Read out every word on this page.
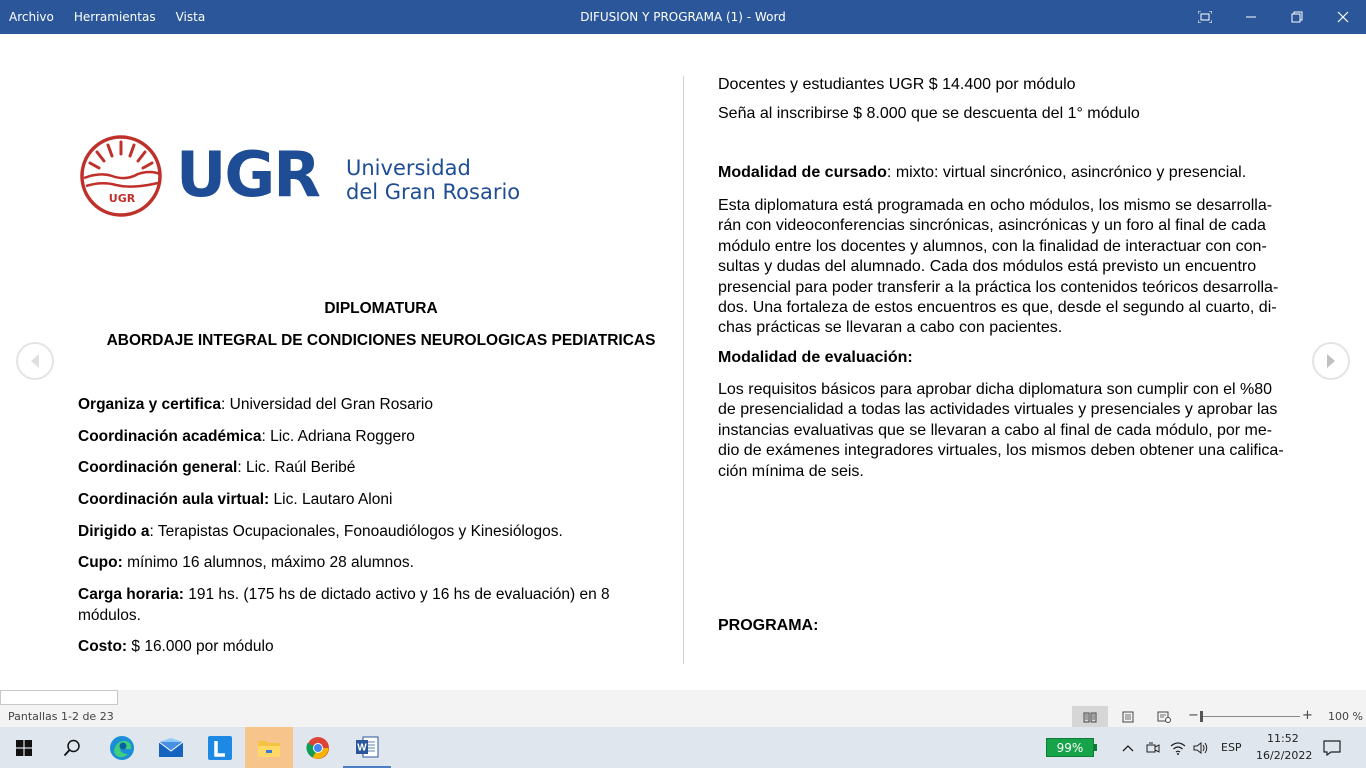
Archivo Herramientas Vista	DIFUSION Y PROGRAMA (1) - Word
UGR UGR Universidad
del Gran Rosario
DIPLOMATURA
ABORDAJE INTEGRAL DE CONDICIONES NEUROLOGICAS PEDIATRICAS
Organiza y certifica: Universidad del Gran Rosario
Coordinación académica: Lic. Adriana Roggero
Coordinación general: Lic. Raúl Beribé
Coordinación aula virtual: Lic. Lautaro Aloni
Dirigido a: Terapistas Ocupacionales, Fonoaudiólogos y Kinesiólogos.
Cupo: mínimo 16 alumnos, máximo 28 alumnos.
Carga horaria: 191 hs. (175 hs de dictado activo y 16 hs de evaluación) en 8 módulos.
Costo: $ 16.000 por módulo
Docentes y estudiantes UGR $ 14.400 por módulo
Seña al inscribirse $ 8.000 que se descuenta del 1° módulo
Modalidad de cursado: mixto: virtual sincrónico, asincrónico y presencial.
Esta diplomatura está programada en ocho módulos, los mismo se desarrolla-
rán con videoconferencias sincrónicas, asincrónicas y un foro al final de cada
módulo entre los docentes y alumnos, con la finalidad de interactuar con con-
sultas y dudas del alumnado. Cada dos módulos está previsto un encuentro
presencial para poder transferir a la práctica los contenidos teóricos desarrolla-
dos. Una fortaleza de estos encuentros es que, desde el segundo al cuarto, di-
chas prácticas se llevaran a cabo con pacientes.
Modalidad de evaluación:
Los requisitos básicos para aprobar dicha diplomatura son cumplir con el %80
de presencialidad a todas las actividades virtuales y presenciales y aprobar las
instancias evaluativas que se llevaran a cabo al final de cada módulo, por me-
dio de exámenes integradores virtuales, los mismos deben obtener una califica-
ción mínima de seis.
PROGRAMA:
Pantallas 1-2 de 23	−	+ 100 %
W	99%	ESP
11:52
16/2/2022
